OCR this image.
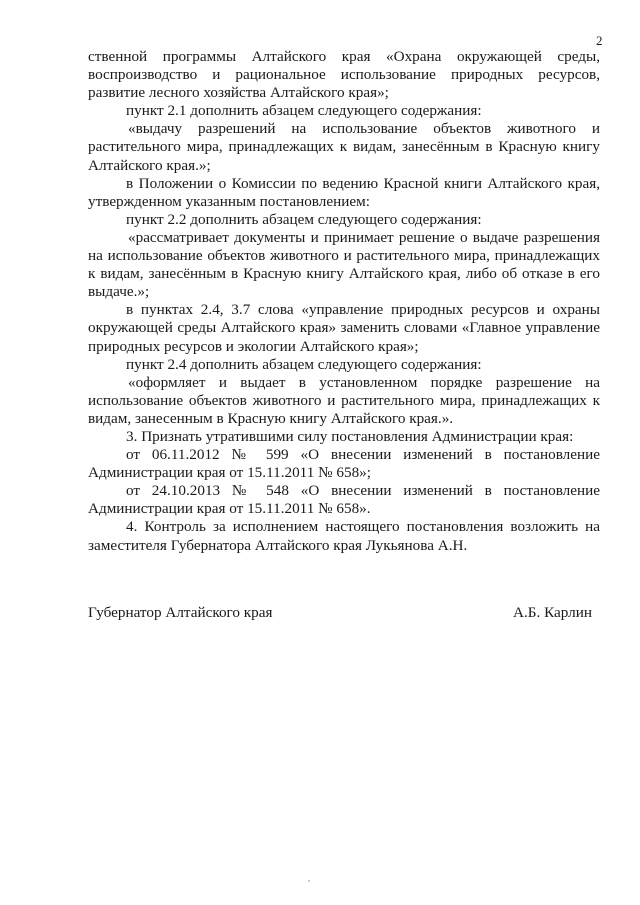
2

ственной программы Алтайского края «Охрана окружающей среды, воспроизводство и рациональное использование природных ресурсов, развитие лесного хозяйства Алтайского края»;

пункт 2.1 дополнить абзацем следующего содержания:

«выдачу разрешений на использование объектов животного и растительного мира, принадлежащих к видам, занесённым в Красную книгу Алтайского края.»;

в Положении о Комиссии по ведению Красной книги Алтайского края, утвержденном указанным постановлением:

пункт 2.2 дополнить абзацем следующего содержания:

«рассматривает документы и принимает решение о выдаче разрешения на использование объектов животного и растительного мира, принадлежащих к видам, занесённым в Красную книгу Алтайского края, либо об отказе в его выдаче.»;

в пунктах 2.4, 3.7 слова «управление природных ресурсов и охраны окружающей среды Алтайского края» заменить словами «Главное управление природных ресурсов и экологии Алтайского края»;

пункт 2.4 дополнить абзацем следующего содержания:

«оформляет и выдает в установленном порядке разрешение на использование объектов животного и растительного мира, принадлежащих к видам, занесенным в Красную книгу Алтайского края.».

3. Признать утратившими силу постановления Администрации края:

от 06.11.2012 № 599 «О внесении изменений в постановление Администрации края от 15.11.2011 № 658»;

от 24.10.2013 № 548 «О внесении изменений в постановление Администрации края от 15.11.2011 № 658».

4. Контроль за исполнением настоящего постановления возложить на заместителя Губернатора Алтайского края Лукьянова А.Н.

Губернатор Алтайского края	А.Б. Карлин
